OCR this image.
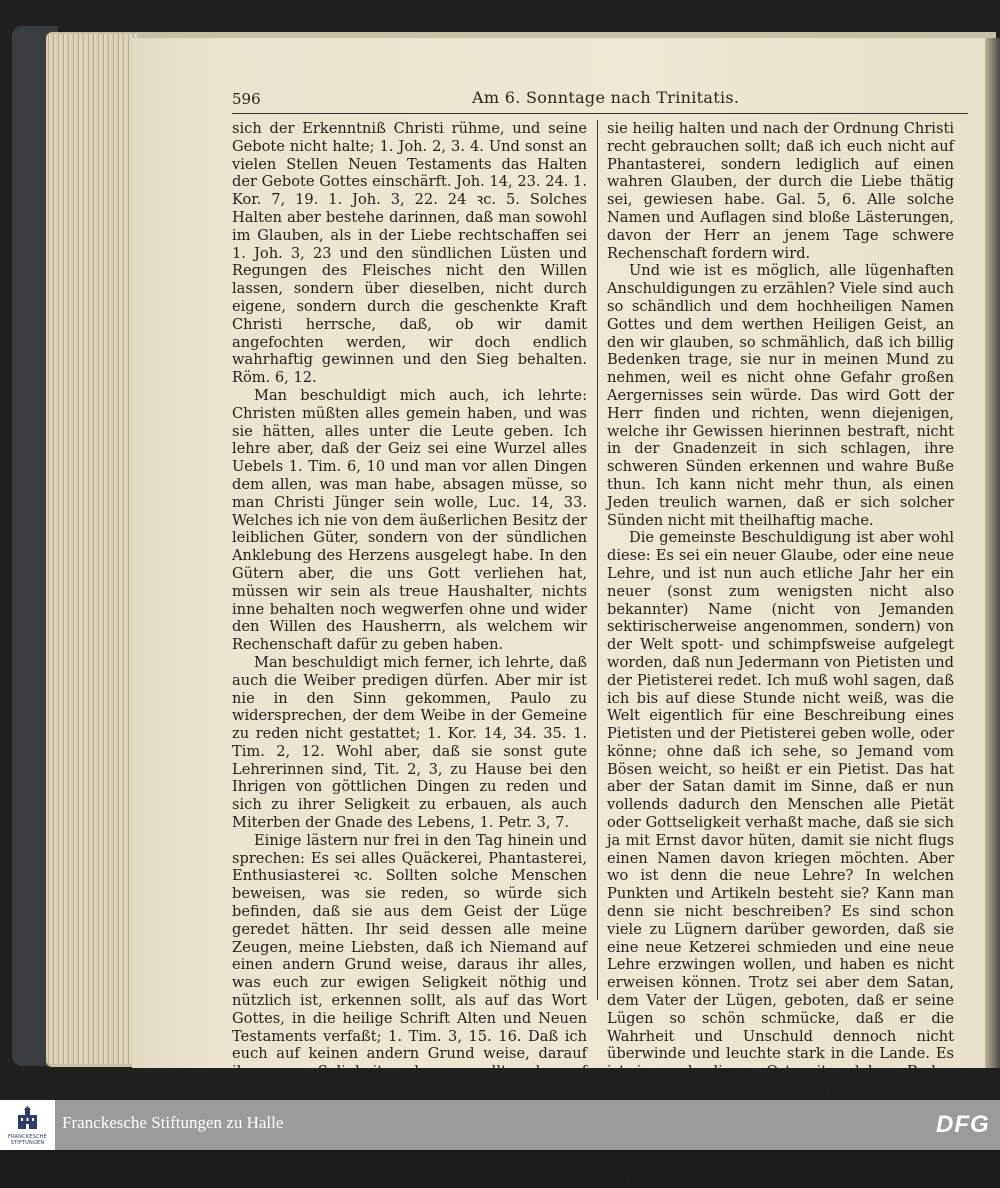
596	Am 6. Sonntage nach Trinitatis.

sich der Erkenntniß Christi rühme, und seine Gebote nicht halte; 1. Joh. 2, 3. 4. Und sonst an vielen Stellen Neuen Testaments das Halten der Gebote Gottes einschärft. Joh. 14, 23. 24. 1. Kor. 7, 19. 1. Joh. 3, 22. 24 ꝛc. 5. Solches Halten aber bestehe darinnen, daß man sowohl im Glauben, als in der Liebe rechtschaffen sei 1. Joh. 3, 23 und den sündlichen Lüsten und Regungen des Fleisches nicht den Willen lassen, sondern über dieselben, nicht durch eigene, sondern durch die geschenkte Kraft Christi herrsche, daß, ob wir damit angefochten werden, wir doch endlich wahrhaftig gewinnen und den Sieg behalten. Röm. 6, 12.

Man beschuldigt mich auch, ich lehrte: Christen müßten alles gemein haben, und was sie hätten, alles unter die Leute geben. Ich lehre aber, daß der Geiz sei eine Wurzel alles Uebels 1. Tim. 6, 10 und man vor allen Dingen dem allen, was man habe, absagen müsse, so man Christi Jünger sein wolle, Luc. 14, 33. Welches ich nie von dem äußerlichen Besitz der leiblichen Güter, sondern von der sündlichen Anklebung des Herzens ausgelegt habe. In den Gütern aber, die uns Gott verliehen hat, müssen wir sein als treue Haushalter, nichts inne behalten noch wegwerfen ohne und wider den Willen des Hausherrn, als welchem wir Rechenschaft dafür zu geben haben.

Man beschuldigt mich ferner, ich lehrte, daß auch die Weiber predigen dürfen. Aber mir ist nie in den Sinn gekommen, Paulo zu widersprechen, der dem Weibe in der Gemeine zu reden nicht gestattet; 1. Kor. 14, 34. 35. 1. Tim. 2, 12. Wohl aber, daß sie sonst gute Lehrerinnen sind, Tit. 2, 3, zu Hause bei den Ihrigen von göttlichen Dingen zu reden und sich zu ihrer Seligkeit zu erbauen, als auch Miterben der Gnade des Lebens, 1. Petr. 3, 7.

Einige lästern nur frei in den Tag hinein und sprechen: Es sei alles Quäckerei, Phantasterei, Enthusiasterei ꝛc. Sollten solche Menschen beweisen, was sie reden, so würde sich befinden, daß sie aus dem Geist der Lüge geredet hätten. Ihr seid dessen alle meine Zeugen, meine Liebsten, daß ich Niemand auf einen andern Grund weise, daraus ihr alles, was euch zur ewigen Seligkeit nöthig und nützlich ist, erkennen sollt, als auf das Wort Gottes, in die heilige Schrift Alten und Neuen Testaments verfaßt; 1. Tim. 3, 15. 16. Daß ich euch auf keinen andern Grund weise, darauf ihr eure Seligkeit erbauen sollt, als auf Christum Jesum, 1. Kor. 3, 11; daß ich euch

sie heilig halten und nach der Ordnung Christi recht gebrauchen sollt; daß ich euch nicht auf Phantasterei, sondern lediglich auf einen wahren Glauben, der durch die Liebe thätig sei, gewiesen habe. Gal. 5, 6. Alle solche Namen und Auflagen sind bloße Lästerungen, davon der Herr an jenem Tage schwere Rechenschaft fordern wird.

Und wie ist es möglich, alle lügenhaften Anschuldigungen zu erzählen? Viele sind auch so schändlich und dem hochheiligen Namen Gottes und dem werthen Heiligen Geist, an den wir glauben, so schmählich, daß ich billig Bedenken trage, sie nur in meinen Mund zu nehmen, weil es nicht ohne Gefahr großen Aergernisses sein würde. Das wird Gott der Herr finden und richten, wenn diejenigen, welche ihr Gewissen hierinnen bestraft, nicht in der Gnadenzeit in sich schlagen, ihre schweren Sünden erkennen und wahre Buße thun. Ich kann nicht mehr thun, als einen Jeden treulich warnen, daß er sich solcher Sünden nicht mit theilhaftig mache.

Die gemeinste Beschuldigung ist aber wohl diese: Es sei ein neuer Glaube, oder eine neue Lehre, und ist nun auch etliche Jahr her ein neuer (sonst zum wenigsten nicht also bekannter) Name (nicht von Jemanden sektirischerweise angenommen, sondern) von der Welt spott- und schimpfsweise aufgelegt worden, daß nun Jedermann von Pietisten und der Pietisterei redet. Ich muß wohl sagen, daß ich bis auf diese Stunde nicht weiß, was die Welt eigentlich für eine Beschreibung eines Pietisten und der Pietisterei geben wolle, oder könne; ohne daß ich sehe, so Jemand vom Bösen weicht, so heißt er ein Pietist. Das hat aber der Satan damit im Sinne, daß er nun vollends dadurch den Menschen alle Pietät oder Gottseligkeit verhaßt mache, daß sie sich ja mit Ernst davor hüten, damit sie nicht flugs einen Namen davon kriegen möchten. Aber wo ist denn die neue Lehre? In welchen Punkten und Artikeln besteht sie? Kann man denn sie nicht beschreiben? Es sind schon viele zu Lügnern darüber geworden, daß sie eine neue Ketzerei schmieden und eine neue Lehre erzwingen wollen, und haben es nicht erweisen können. Trotz sei aber dem Satan, dem Vater der Lügen, geboten, daß er seine Lügen so schön schmücke, daß er die Wahrheit und Unschuld dennoch nicht überwinde und leuchte stark in die Lande. Es ist ja auch dieser Ort mit solchen Reden angefüllt, daß eine neue Lehre vorhanden sei, Sekte in dieser Stadt weiß. Dieses wünschte ich

FRANCKESCHE
STIFTUNGEN
Franckesche Stiftungen zu Halle	DFG
